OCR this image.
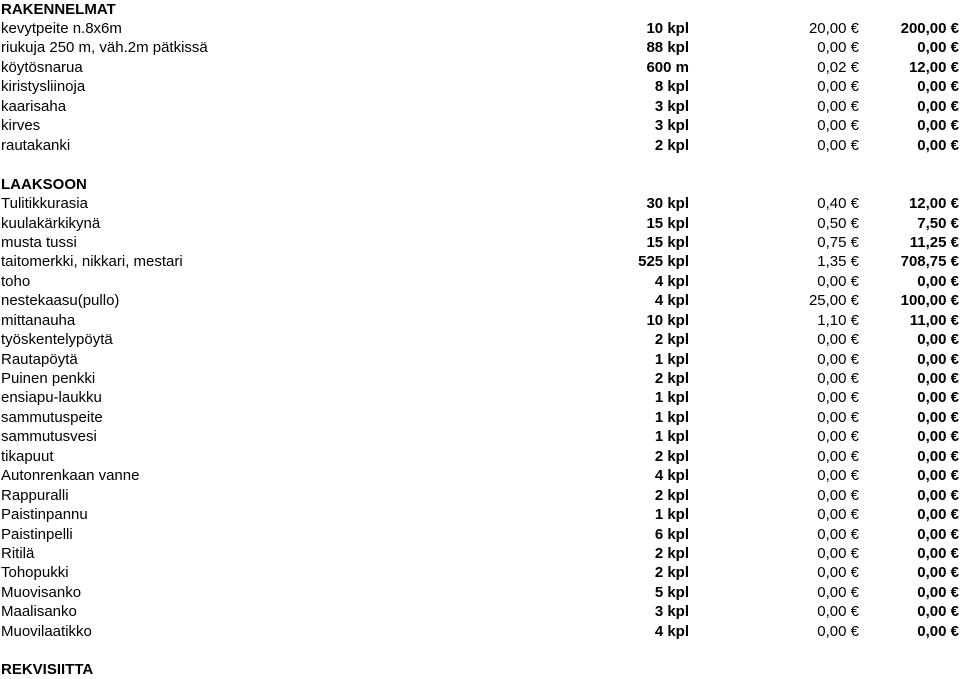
RAKENNELMAT
kevytpeite n.8x6m	10 kpl	20,00 €	200,00 €
riukuja 250 m, väh.2m pätkissä	88 kpl	0,00 €	0,00 €
köytösnarua	600 m	0,02 €	12,00 €
kiristysliinoja	8 kpl	0,00 €	0,00 €
kaarisaha	3 kpl	0,00 €	0,00 €
kirves	3 kpl	0,00 €	0,00 €
rautakanki	2 kpl	0,00 €	0,00 €
LAAKSOON
Tulitikkurasia	30 kpl	0,40 €	12,00 €
kuulakärkikynä	15 kpl	0,50 €	7,50 €
musta tussi	15 kpl	0,75 €	11,25 €
taitomerkki, nikkari, mestari	525 kpl	1,35 €	708,75 €
toho	4 kpl	0,00 €	0,00 €
nestekaasu(pullo)	4 kpl	25,00 €	100,00 €
mittanauha	10 kpl	1,10 €	11,00 €
työskentelypöytä	2 kpl	0,00 €	0,00 €
Rautapöytä	1 kpl	0,00 €	0,00 €
Puinen penkki	2 kpl	0,00 €	0,00 €
ensiapu-laukku	1 kpl	0,00 €	0,00 €
sammutuspeite	1 kpl	0,00 €	0,00 €
sammutusvesi	1 kpl	0,00 €	0,00 €
tikapuut	2 kpl	0,00 €	0,00 €
Autonrenkaan vanne	4 kpl	0,00 €	0,00 €
Rappuralli	2 kpl	0,00 €	0,00 €
Paistinpannu	1 kpl	0,00 €	0,00 €
Paistinpelli	6 kpl	0,00 €	0,00 €
Ritilä	2 kpl	0,00 €	0,00 €
Tohopukki	2 kpl	0,00 €	0,00 €
Muovisanko	5 kpl	0,00 €	0,00 €
Maalisanko	3 kpl	0,00 €	0,00 €
Muovilaatikko	4 kpl	0,00 €	0,00 €
REKVISIITTA
